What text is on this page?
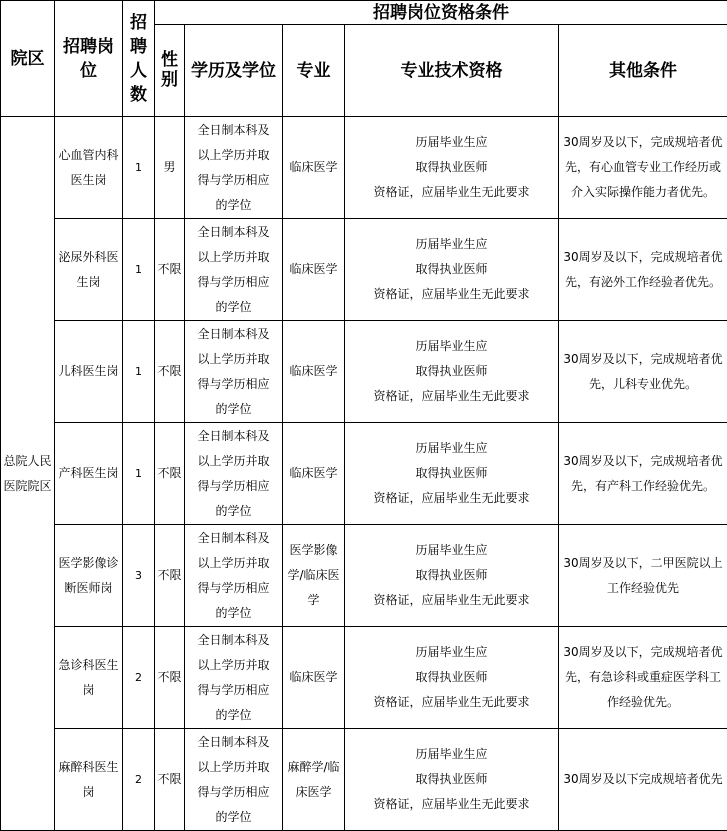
院区	招聘岗位	招聘人数	招聘岗位资格条件				
			性别	学历及学位	专业	专业技术资格	其他条件
总院人民医院院区	心血管内科医生岗	1	男	全日制本科及以上学历并取得与学历相应的学位	临床医学	历届毕业生应
取得执业医师
资格证，应届毕业生无此要求	30周岁及以下，完成规培者优先，有心血管专业工作经历或介入实际操作能力者优先。

	泌尿外科医生岗	1	不限	全日制本科及以上学历并取得与学历相应的学位	临床医学	历届毕业生应
取得执业医师
资格证，应届毕业生无此要求	30周岁及以下，完成规培者优先，有泌外工作经验者优先。

	儿科医生岗	1	不限	全日制本科及以上学历并取得与学历相应的学位	临床医学	历届毕业生应
取得执业医师
资格证，应届毕业生无此要求	30周岁及以下，完成规培者优先，儿科专业优先。

	产科医生岗	1	不限	全日制本科及以上学历并取得与学历相应的学位	临床医学	历届毕业生应
取得执业医师
资格证，应届毕业生无此要求	30周岁及以下，完成规培者优先，有产科工作经验优先。

	医学影像诊断医师岗	3	不限	全日制本科及以上学历并取得与学历相应的学位	医学影像学/临床医学	历届毕业生应
取得执业医师
资格证，应届毕业生无此要求	30周岁及以下，二甲医院以上工作经验优先

	急诊科医生岗	2	不限	全日制本科及以上学历并取得与学历相应的学位	临床医学	历届毕业生应
取得执业医师
资格证，应届毕业生无此要求	30周岁及以下，完成规培者优先，有急诊科或重症医学科工作经验优先。

	麻醉科医生岗	2	不限	全日制本科及以上学历并取得与学历相应的学位	麻醉学/临床医学	历届毕业生应
取得执业医师
资格证，应届毕业生无此要求	30周岁及以下完成规培者优先
